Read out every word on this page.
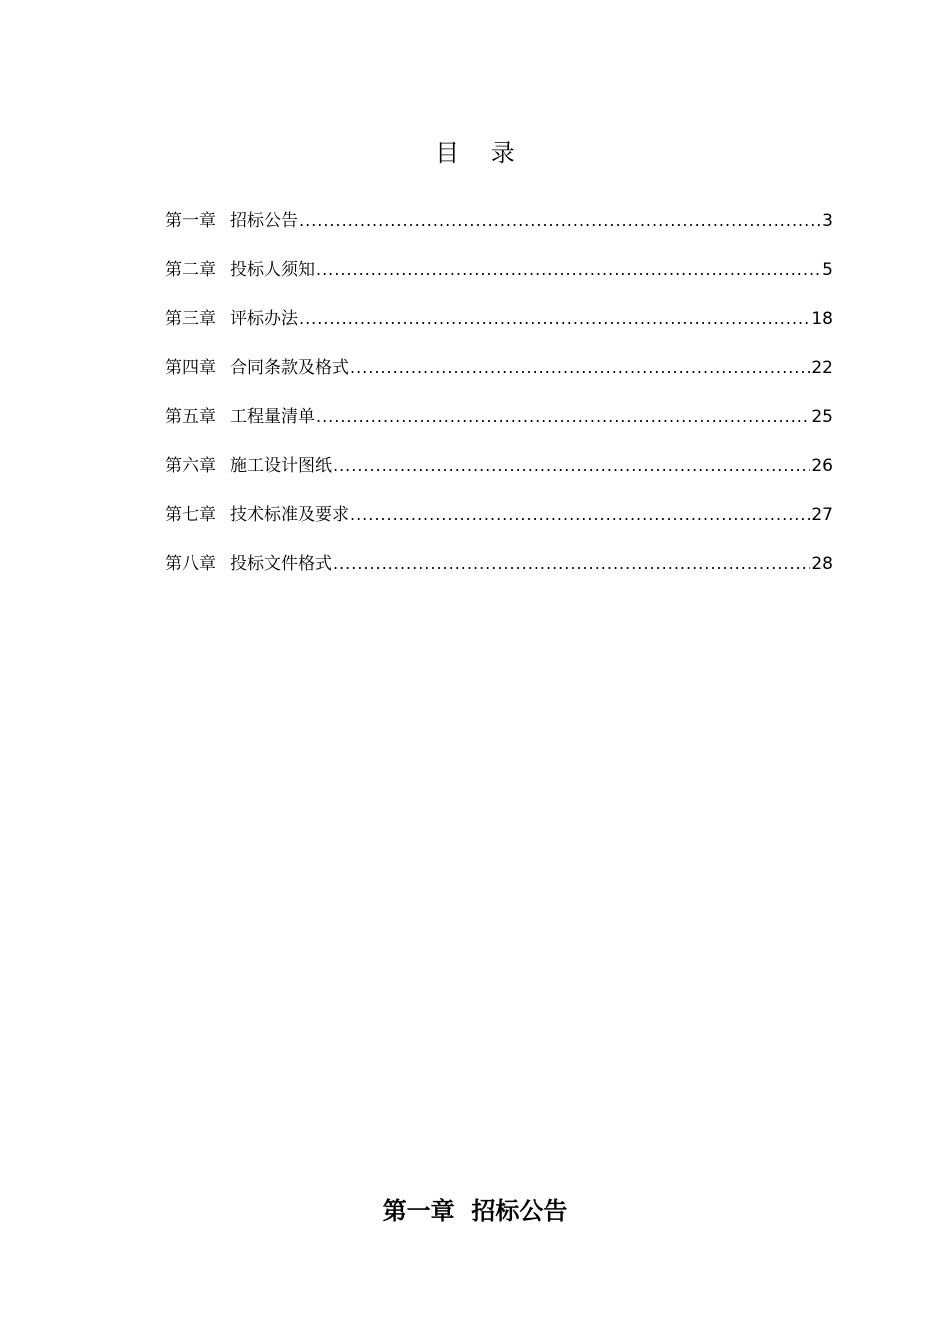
目 录
第一章 招标公告 .....	3
第二章 投标人须知 .....	5
第三章 评标办法 .....	18
第四章 合同条款及格式 .....	22
第五章 工程量清单 .....	25
第六章 施工设计图纸 .....	26
第七章 技术标准及要求 .....	27
第八章 投标文件格式 .....	28
第一章  招标公告
